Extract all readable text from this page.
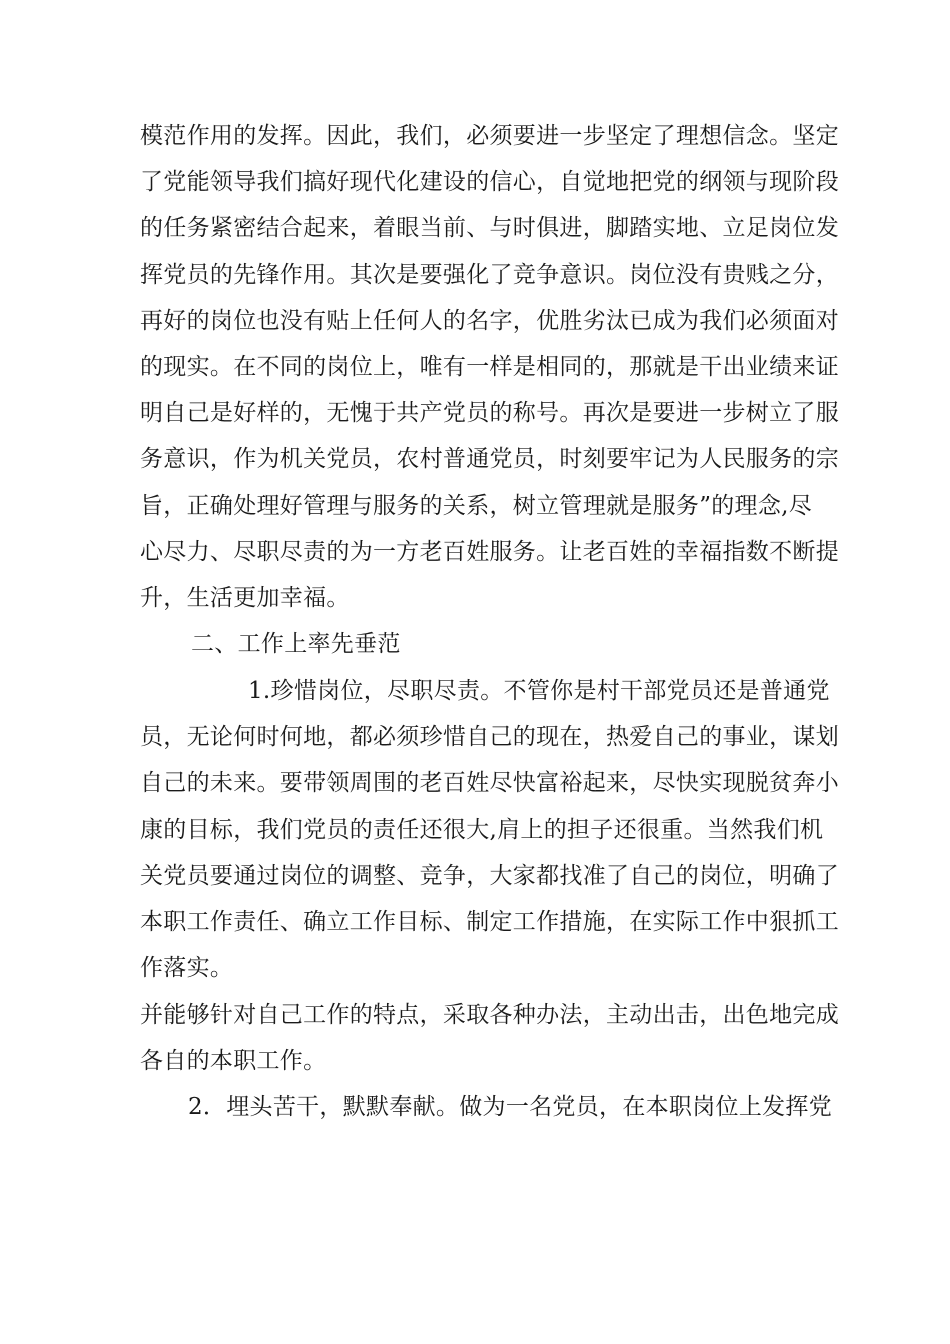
模范作用的发挥。因此，我们，必须要进一步坚定了理想信念。坚定
了党能领导我们搞好现代化建设的信心，自觉地把党的纲领与现阶段
的任务紧密结合起来，着眼当前、与时俱进，脚踏实地、立足岗位发
挥党员的先锋作用。其次是要强化了竞争意识。岗位没有贵贱之分，
再好的岗位也没有贴上任何人的名字，优胜劣汰已成为我们必须面对
的现实。在不同的岗位上，唯有一样是相同的，那就是干出业绩来证
明自己是好样的，无愧于共产党员的称号。再次是要进一步树立了服
务意识，作为机关党员，农村普通党员，时刻要牢记为人民服务的宗
旨，正确处理好管理与服务的关系，树立管理就是服务”的理念,尽
心尽力、尽职尽责的为一方老百姓服务。让老百姓的幸福指数不断提
升，生活更加幸福。
二、工作上率先垂范
1.珍惜岗位，尽职尽责。不管你是村干部党员还是普通党
员，无论何时何地，都必须珍惜自己的现在，热爱自己的事业，谋划
自己的未来。要带领周围的老百姓尽快富裕起来，尽快实现脱贫奔小
康的目标，我们党员的责任还很大,肩上的担子还很重。当然我们机
关党员要通过岗位的调整、竞争，大家都找准了自己的岗位，明确了
本职工作责任、确立工作目标、制定工作措施，在实际工作中狠抓工
作落实。
并能够针对自己工作的特点，采取各种办法，主动出击，出色地完成
各自的本职工作。
2．埋头苦干，默默奉献。做为一名党员，在本职岗位上发挥党
